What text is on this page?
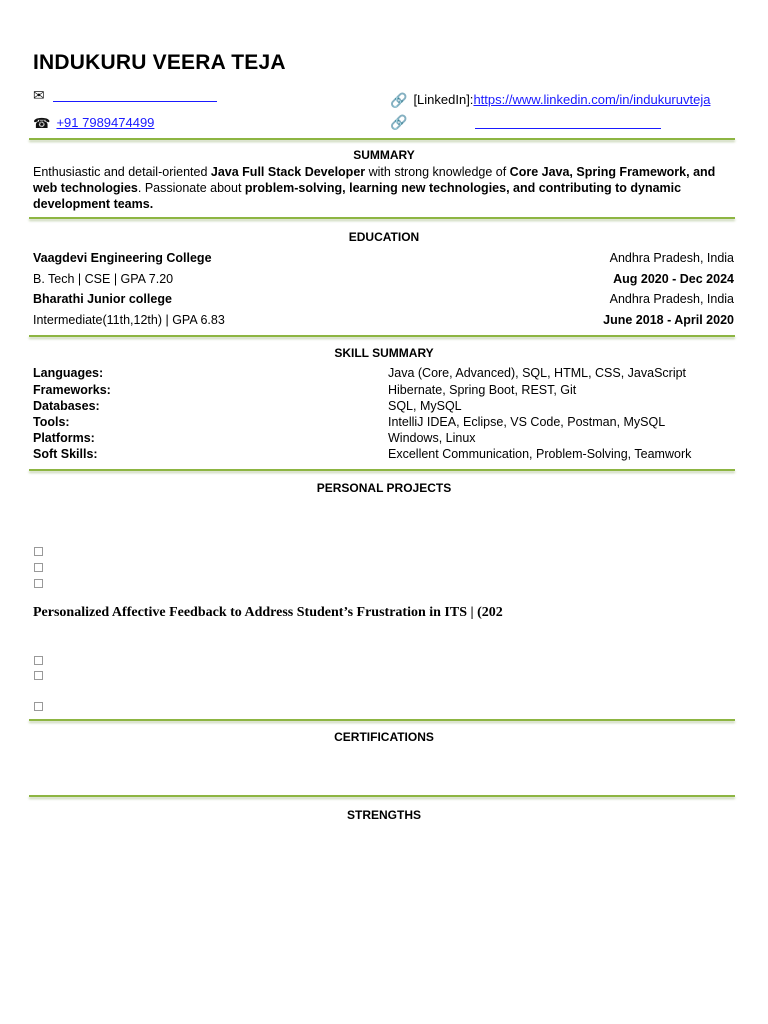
INDUKURU VEERA TEJA
✉	🔗 [LinkedIn]: https://www.linkedin.com/in/indukuruvteja
☎ +91 7989474499	🔗
SUMMARY
Enthusiastic and detail-oriented Java Full Stack Developer with strong knowledge of Core Java, Spring Framework, and web technologies. Passionate about problem-solving, learning new technologies, and contributing to dynamic development teams.
EDUCATION
Vaagdevi Engineering College	Andhra Pradesh, India
B. Tech | CSE | GPA 7.20	Aug 2020 - Dec 2024
Bharathi Junior college	Andhra Pradesh, India
Intermediate(11th,12th) | GPA 6.83	June 2018 - April 2020
SKILL SUMMARY
Languages:	Java (Core, Advanced), SQL, HTML, CSS, JavaScript
Frameworks:	Hibernate, Spring Boot, REST, Git
Databases:	SQL, MySQL
Tools:	IntelliJ IDEA, Eclipse, VS Code, Postman, MySQL
Platforms:	Windows, Linux
Soft Skills:	Excellent Communication, Problem-Solving, Teamwork
PERSONAL PROJECTS
Personalized Affective Feedback to Address Student’s Frustration in ITS | (202
CERTIFICATIONS
STRENGTHS
